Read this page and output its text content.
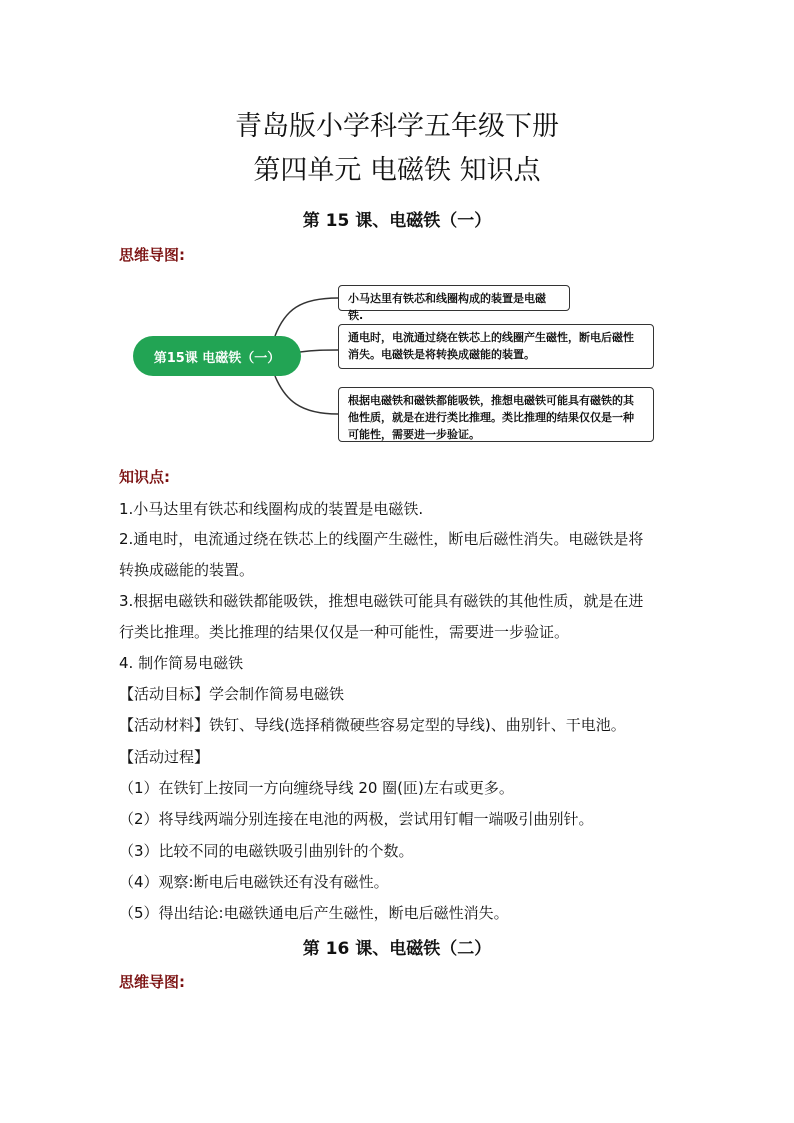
青岛版小学科学五年级下册
第四单元 电磁铁 知识点
第 15 课、电磁铁（一）
思维导图:
第15课 电磁铁（一）
小马达里有铁芯和线圈构成的装置是电磁铁.
通电时，电流通过绕在铁芯上的线圈产生磁性，断电后磁性消失。电磁铁是将转换成磁能的装置。
根据电磁铁和磁铁都能吸铁，推想电磁铁可能具有磁铁的其他性质，就是在进行类比推理。类比推理的结果仅仅是一种可能性，需要进一步验证。
知识点:
1.小马达里有铁芯和线圈构成的装置是电磁铁.
2.通电时，电流通过绕在铁芯上的线圈产生磁性，断电后磁性消失。电磁铁是将
转换成磁能的装置。
3.根据电磁铁和磁铁都能吸铁，推想电磁铁可能具有磁铁的其他性质，就是在进
行类比推理。类比推理的结果仅仅是一种可能性，需要进一步验证。
4. 制作简易电磁铁
【活动目标】学会制作简易电磁铁
【活动材料】铁钉、导线(选择稍微硬些容易定型的导线)、曲别针、干电池。
【活动过程】
（1）在铁钉上按同一方向缠绕导线 20 圈(匝)左右或更多。
（2）将导线两端分别连接在电池的两极，尝试用钉帽一端吸引曲别针。
（3）比较不同的电磁铁吸引曲别针的个数。
（4）观察:断电后电磁铁还有没有磁性。
（5）得出结论:电磁铁通电后产生磁性，断电后磁性消失。
第 16 课、电磁铁（二）
思维导图:
